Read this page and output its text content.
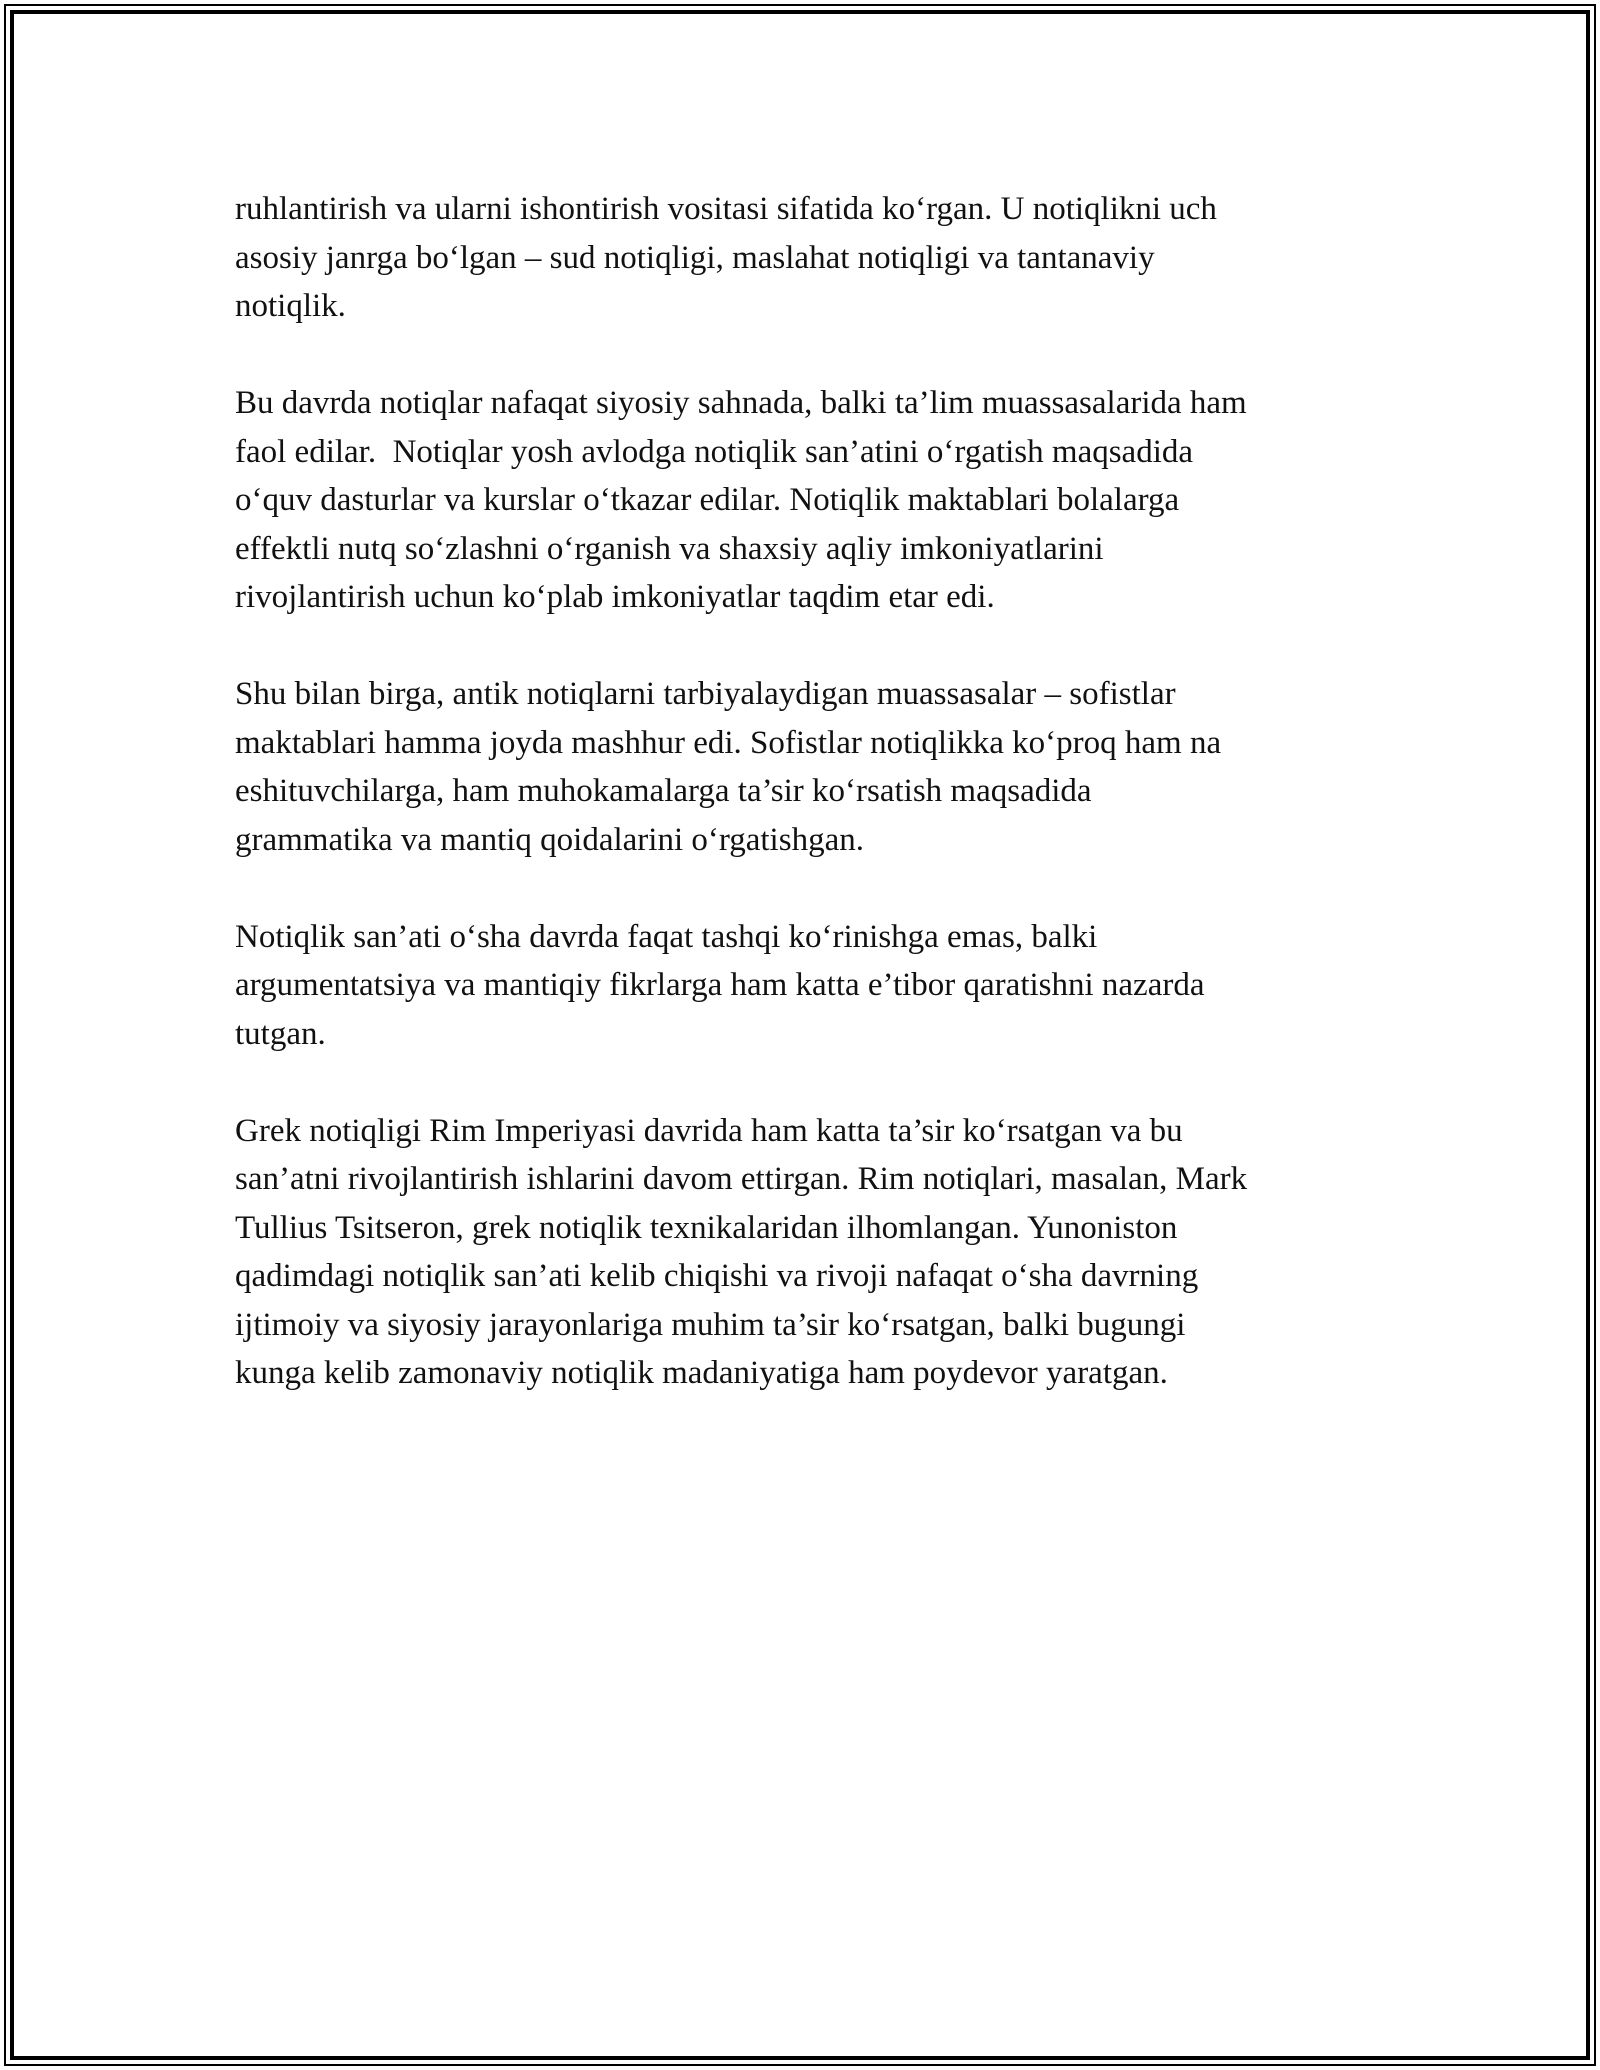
ruhlantirish va ularni ishontirish vositasi sifatida ko‘rgan. U notiqlikni uch
asosiy janrga bo‘lgan – sud notiqligi, maslahat notiqligi va tantanaviy
notiqlik.

Bu davrda notiqlar nafaqat siyosiy sahnada, balki ta’lim muassasalarida ham
faol edilar.  Notiqlar yosh avlodga notiqlik san’atini o‘rgatish maqsadida
o‘quv dasturlar va kurslar o‘tkazar edilar. Notiqlik maktablari bolalarga
effektli nutq so‘zlashni o‘rganish va shaxsiy aqliy imkoniyatlarini
rivojlantirish uchun ko‘plab imkoniyatlar taqdim etar edi.

Shu bilan birga, antik notiqlarni tarbiyalaydigan muassasalar – sofistlar
maktablari hamma joyda mashhur edi. Sofistlar notiqlikka ko‘proq ham na
eshituvchilarga, ham muhokamalarga ta’sir ko‘rsatish maqsadida
grammatika va mantiq qoidalarini o‘rgatishgan.

Notiqlik san’ati o‘sha davrda faqat tashqi ko‘rinishga emas, balki
argumentatsiya va mantiqiy fikrlarga ham katta e’tibor qaratishni nazarda
tutgan.

Grek notiqligi Rim Imperiyasi davrida ham katta ta’sir ko‘rsatgan va bu
san’atni rivojlantirish ishlarini davom ettirgan. Rim notiqlari, masalan, Mark
Tullius Tsitseron, grek notiqlik texnikalaridan ilhomlangan. Yunoniston
qadimdagi notiqlik san’ati kelib chiqishi va rivoji nafaqat o‘sha davrning
ijtimoiy va siyosiy jarayonlariga muhim ta’sir ko‘rsatgan, balki bugungi
kunga kelib zamonaviy notiqlik madaniyatiga ham poydevor yaratgan.
